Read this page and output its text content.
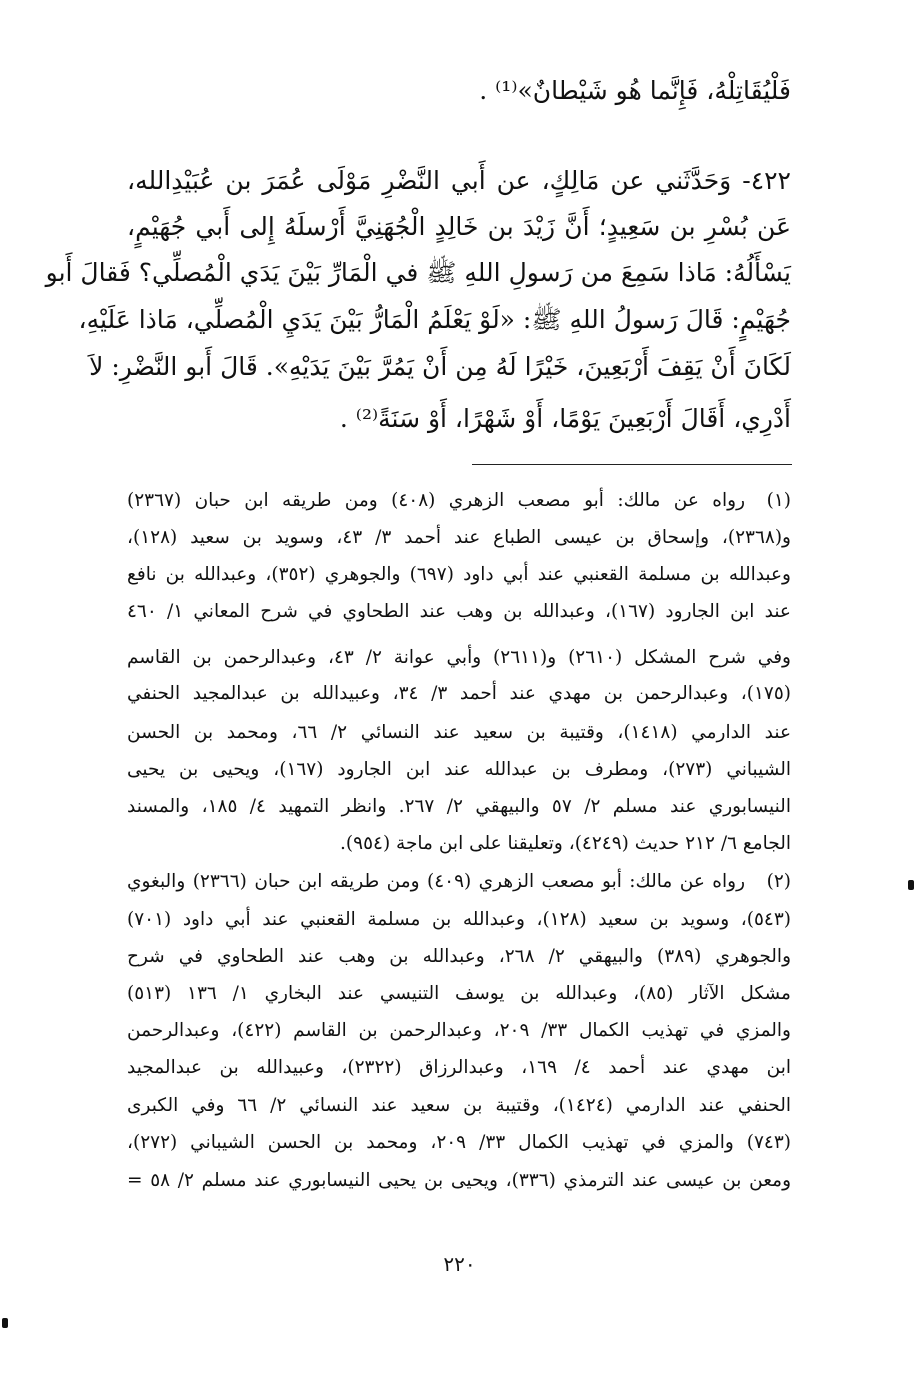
فَلْيُقَاتِلْهُ، فَإِنَّما هُو شَيْطانٌ»⁽¹⁾ .
٤٢٢- وَحَدَّثَني عن مَالِكٍ، عن أَبي النَّضْرِ مَوْلَى عُمَرَ بن عُبَيْدِالله،
عَن بُسْرِ بن سَعِيدٍ؛ أَنَّ زَيْدَ بن خَالِدٍ الْجُهَنِيَّ أَرْسلَهُ إِلى أَبي جُهَيْمٍ،
يَسْأَلُهُ: مَاذا سَمِعَ من رَسولِ اللهِ ﷺ في الْمَارِّ بَيْنَ يَدَي الْمُصلِّي؟ فَقالَ أَبو
جُهَيْمٍ: قَالَ رَسولُ اللهِ ﷺ: «لَوْ يَعْلَمُ الْمَارُّ بَيْنَ يَدَيِ الْمُصلِّي، مَاذا عَلَيْهِ،
لَكَانَ أَنْ يَقِفَ أَرْبَعِينَ، خَيْرًا لَهُ مِن أَنْ يَمُرَّ بَيْنَ يَدَيْهِ». قَالَ أَبو النَّضْرِ: لاَ
أَدْرِي، أَقَالَ أَرْبَعِينَ يَوْمًا، أَوْ شَهْرًا، أَوْ سَنَةً⁽²⁾ .
(١)
رواه عن مالك: أبو مصعب الزهري (٤٠٨) ومن طريقه ابن حبان (٢٣٦٧)
و(٢٣٦٨)، وإسحاق بن عيسى الطباع عند أحمد ٣/ ٤٣، وسويد بن سعيد (١٢٨)،
وعبدالله بن مسلمة القعنبي عند أبي داود (٦٩٧) والجوهري (٣٥٢)، وعبدالله بن نافع
عند ابن الجارود (١٦٧)، وعبدالله بن وهب عند الطحاوي في شرح المعاني ١/ ٤٦٠
وفي شرح المشكل (٢٦١٠) و(٢٦١١) وأبي عوانة ٢/ ٤٣، وعبدالرحمن بن القاسم
(١٧٥)، وعبدالرحمن بن مهدي عند أحمد ٣/ ٣٤، وعبيدالله بن عبدالمجيد الحنفي
عند الدارمي (١٤١٨)، وقتيبة بن سعيد عند النسائي ٢/ ٦٦، ومحمد بن الحسن
الشيباني (٢٧٣)، ومطرف بن عبدالله عند ابن الجارود (١٦٧)، ويحيى بن يحيى
النيسابوري عند مسلم ٢/ ٥٧ والبيهقي ٢/ ٢٦٧. وانظر التمهيد ٤/ ١٨٥، والمسند
الجامع ٦/ ٢١٢ حديث (٤٢٤٩)، وتعليقنا على ابن ماجة (٩٥٤).
(٢)
رواه عن مالك: أبو مصعب الزهري (٤٠٩) ومن طريقه ابن حبان (٢٣٦٦) والبغوي
(٥٤٣)، وسويد بن سعيد (١٢٨)، وعبدالله بن مسلمة القعنبي عند أبي داود (٧٠١)
والجوهري (٣٨٩) والبيهقي ٢/ ٢٦٨، وعبدالله بن وهب عند الطحاوي في شرح
مشكل الآثار (٨٥)، وعبدالله بن يوسف التنيسي عند البخاري ١/ ١٣٦ (٥١٣)
والمزي في تهذيب الكمال ٣٣/ ٢٠٩، وعبدالرحمن بن القاسم (٤٢٢)، وعبدالرحمن
ابن مهدي عند أحمد ٤/ ١٦٩، وعبدالرزاق (٢٣٢٢)، وعبيدالله بن عبدالمجيد
الحنفي عند الدارمي (١٤٢٤)، وقتيبة بن سعيد عند النسائي ٢/ ٦٦ وفي الكبرى
(٧٤٣) والمزي في تهذيب الكمال ٣٣/ ٢٠٩، ومحمد بن الحسن الشيباني (٢٧٢)،
ومعن بن عيسى عند الترمذي (٣٣٦)، ويحيى بن يحيى النيسابوري عند مسلم ٢/ ٥٨ =
٢٢٠
